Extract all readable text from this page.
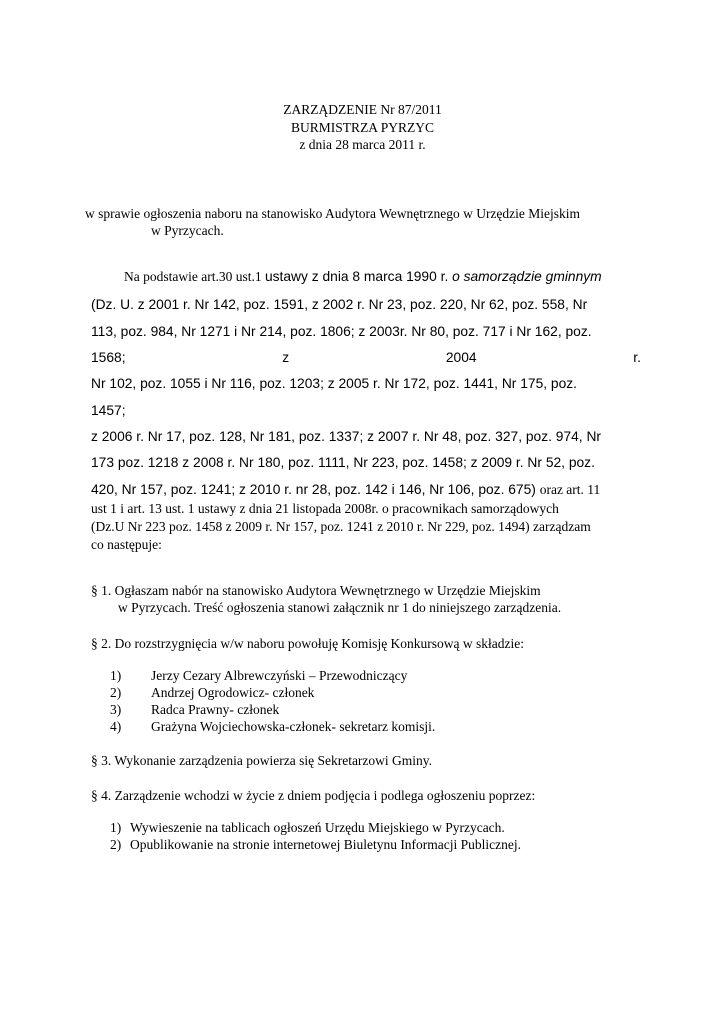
ZARZĄDZENIE Nr 87/2011
BURMISTRZA PYRZYC
z dnia 28 marca 2011 r.
w sprawie ogłoszenia naboru na stanowisko Audytora Wewnętrznego w Urzędzie Miejskim
w Pyrzycach.
Na podstawie art.30 ust.1 ustawy z dnia 8 marca 1990 r. o samorządzie gminnym
(Dz. U. z 2001 r. Nr 142, poz. 1591, z 2002 r. Nr 23, poz. 220, Nr 62, poz. 558, Nr
113, poz. 984, Nr 1271 i Nr 214, poz. 1806; z 2003r. Nr 80, poz. 717 i Nr 162, poz.
1568;	z	2004	r.
Nr 102, poz. 1055 i Nr 116, poz. 1203; z 2005 r. Nr 172, poz. 1441, Nr 175, poz.
1457;
z 2006 r. Nr 17, poz. 128, Nr 181, poz. 1337; z 2007 r. Nr 48, poz. 327, poz. 974, Nr
173 poz. 1218 z 2008 r. Nr 180, poz. 1111, Nr 223, poz. 1458; z 2009 r. Nr 52, poz.
420, Nr 157, poz. 1241; z 2010 r. nr 28, poz. 142 i 146, Nr 106, poz. 675) oraz art. 11
ust 1 i art. 13 ust. 1 ustawy z dnia 21 listopada 2008r. o pracownikach samorządowych
(Dz.U Nr 223 poz. 1458 z 2009 r. Nr 157, poz. 1241 z 2010 r. Nr 229, poz. 1494) zarządzam
co następuje:
§ 1. Ogłaszam nabór na stanowisko Audytora Wewnętrznego w Urzędzie Miejskim
w Pyrzycach. Treść ogłoszenia stanowi załącznik nr 1 do niniejszego zarządzenia.
§ 2. Do rozstrzygnięcia w/w naboru powołuję Komisję Konkursową w składzie:
1) Jerzy Cezary Albrewczyński – Przewodniczący
2) Andrzej Ogrodowicz- członek
3) Radca Prawny- członek
4) Grażyna Wojciechowska-członek- sekretarz komisji.
§ 3. Wykonanie zarządzenia powierza się Sekretarzowi Gminy.
§ 4. Zarządzenie wchodzi w życie z dniem podjęcia i podlega ogłoszeniu poprzez:
1) Wywieszenie na tablicach ogłoszeń Urzędu Miejskiego w Pyrzycach.
2) Opublikowanie na stronie internetowej Biuletynu Informacji Publicznej.
